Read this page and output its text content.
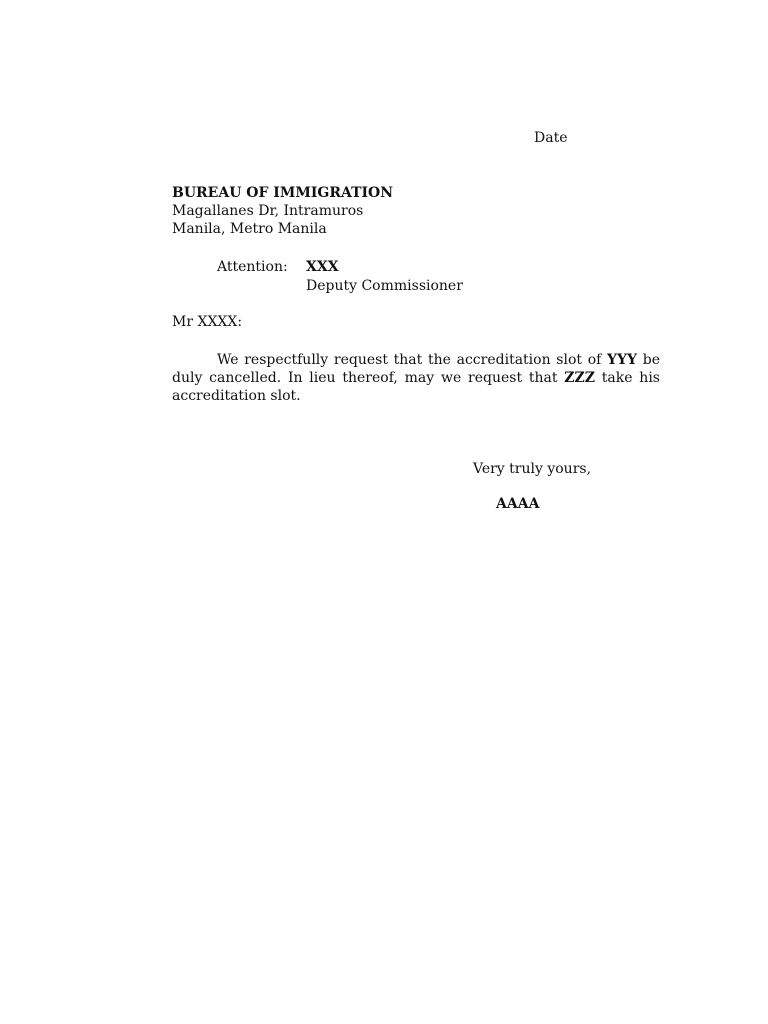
Date
BUREAU OF IMMIGRATION
Magallanes Dr, Intramuros
Manila, Metro Manila
Attention: XXX
Deputy Commissioner
Mr XXXX:
We respectfully request that the accreditation slot of YYY be duly cancelled. In lieu thereof, may we request that ZZZ take his accreditation slot.
Very truly yours,
AAAA
